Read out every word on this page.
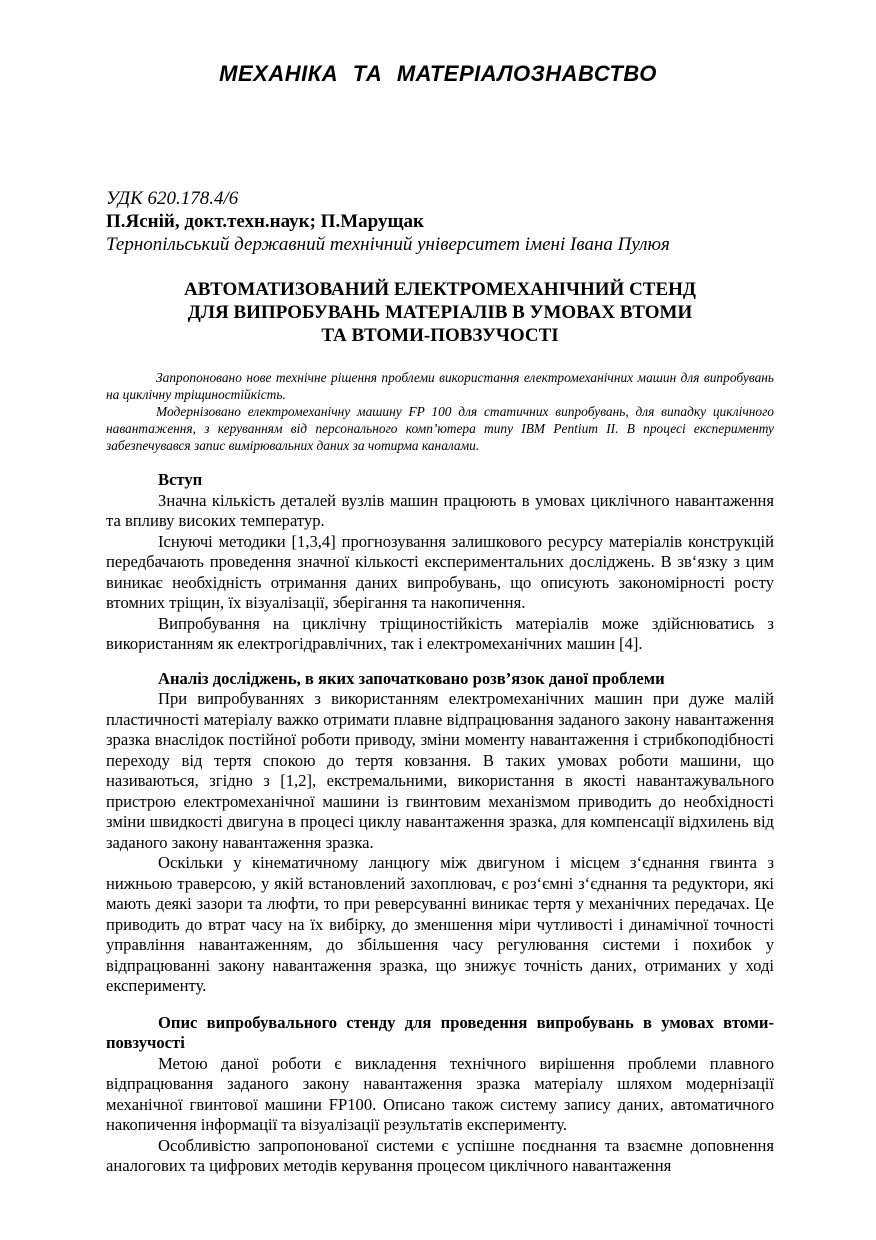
МЕХАНІКА ТА МАТЕРІАЛОЗНАВСТВО
УДК 620.178.4/6
П.Ясній, докт.техн.наук; П.Марущак
Тернопільський державний технічний університет імені Івана Пулюя
АВТОМАТИЗОВАНИЙ ЕЛЕКТРОМЕХАНІЧНИЙ СТЕНД
ДЛЯ ВИПРОБУВАНЬ МАТЕРІАЛІВ В УМОВАХ ВТОМИ
ТА ВТОМИ-ПОВЗУЧОСТІ

Запропоновано нове технічне рішення проблеми використання електромеханічних машин для випробувань на циклічну тріщиностійкість.

Модернізовано електромеханічну машину FP 100 для статичних випробувань, для випадку циклічного навантаження, з керуванням від персонального комп’ютера типу IBM Pentium II. В процесі експерименту забезпечувався запис вимірювальних даних за чотирма каналами.

Вступ

Значна кількість деталей вузлів машин працюють в умовах циклічного навантаження та впливу високих температур.

Існуючі методики [1,3,4] прогнозування залишкового ресурсу матеріалів конструкцій передбачають проведення значної кількості експериментальних досліджень. В зв‘язку з цим виникає необхідність отримання даних випробувань, що описують закономірності росту втомних тріщин, їх візуалізації, зберігання та накопичення.

Випробування на циклічну тріщиностійкість матеріалів може здійснюватись з використанням як електрогідравлічних, так і електромеханічних машин [4].

Аналіз досліджень, в яких започатковано розв’язок даної проблеми

При випробуваннях з використанням електромеханічних машин при дуже малій пластичності матеріалу важко отримати плавне відпрацювання заданого закону навантаження зразка внаслідок постійної роботи приводу, зміни моменту навантаження і стрибкоподібності переходу від тертя спокою до тертя ковзання. В таких умовах роботи машини, що називаються, згідно з [1,2], екстремальними, використання в якості навантажувального пристрою електромеханічної машини із гвинтовим механізмом приводить до необхідності зміни швидкості двигуна в процесі циклу навантаження зразка, для компенсації відхилень від заданого закону навантаження зразка.

Оскільки у кінематичному ланцюгу між двигуном і місцем з‘єднання гвинта з нижньою траверсою, у якій встановлений захоплювач, є роз‘ємні з‘єднання та редуктори, які мають деякі зазори та люфти, то при реверсуванні виникає тертя у механічних передачах. Це приводить до втрат часу на їх вибірку, до зменшення міри чутливості і динамічної точності управління навантаженням, до збільшення часу регулювання системи і похибок у відпрацюванні закону навантаження зразка, що знижує точність даних, отриманих у ході експерименту.

Опис випробувального стенду для проведення випробувань в умовах втоми-повзучості

Метою даної роботи є викладення технічного вирішення проблеми плавного відпрацювання заданого закону навантаження зразка матеріалу шляхом модернізації механічної гвинтової машини FP100. Описано також систему запису даних, автоматичного накопичення інформації та візуалізації результатів експерименту.

Особливістю запропонованої системи є успішне поєднання та взаємне доповнення аналогових та цифрових методів керування процесом циклічного навантаження
